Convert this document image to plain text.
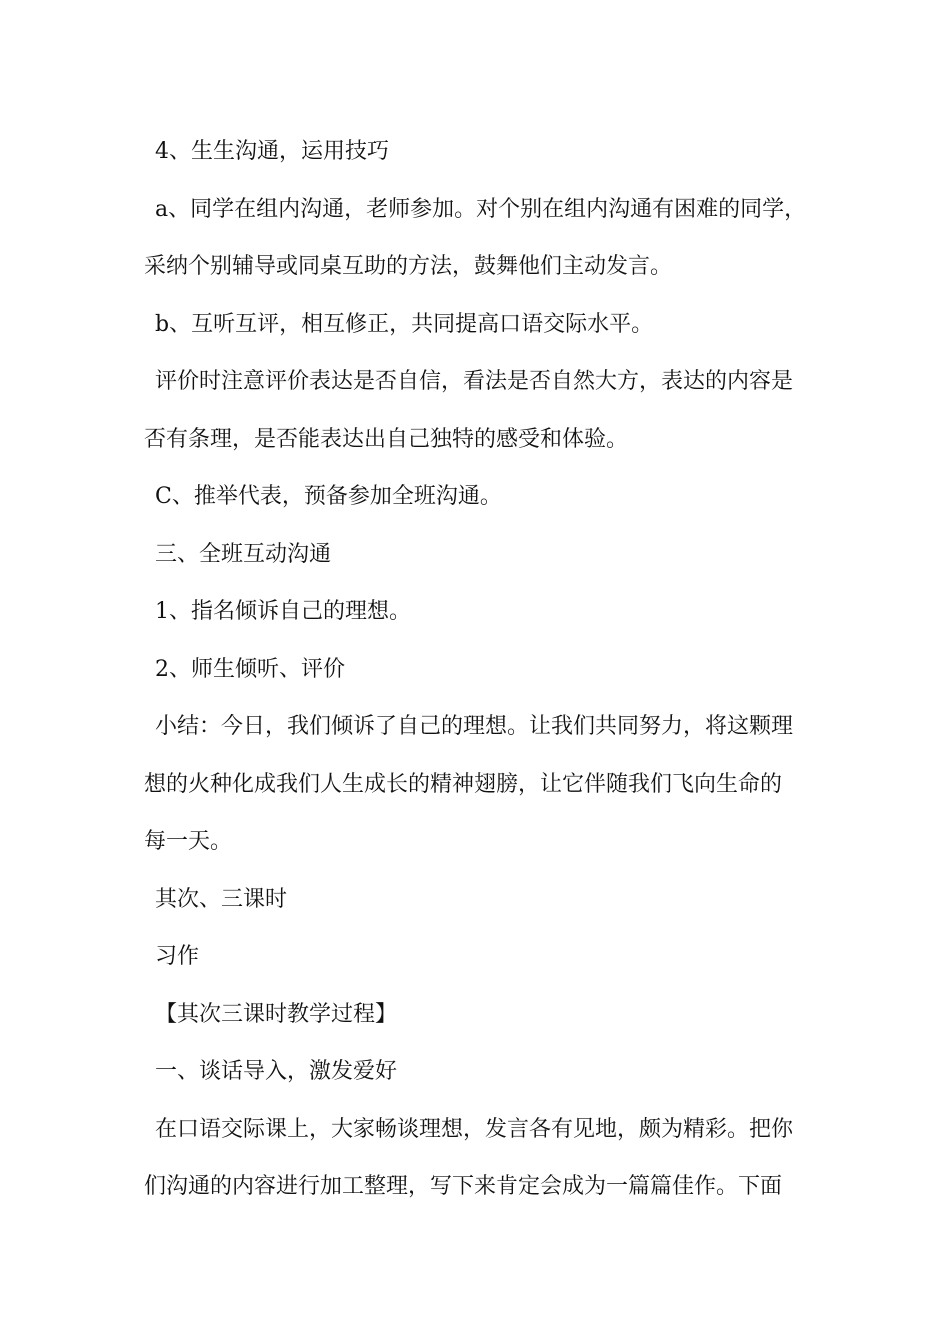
4、生生沟通，运用技巧
a、同学在组内沟通，老师参加。对个别在组内沟通有困难的同学，
采纳个别辅导或同桌互助的方法，鼓舞他们主动发言。
b、互听互评，相互修正，共同提高口语交际水平。
评价时注意评价表达是否自信，看法是否自然大方，表达的内容是
否有条理，是否能表达出自己独特的感受和体验。
C、推举代表，预备参加全班沟通。
三、全班互动沟通
1、指名倾诉自己的理想。
2、师生倾听、评价
小结：今日，我们倾诉了自己的理想。让我们共同努力，将这颗理
想的火种化成我们人生成长的精神翅膀，让它伴随我们飞向生命的
每一天。
其次、三课时
习作
【其次三课时教学过程】
一、谈话导入，激发爱好
在口语交际课上，大家畅谈理想，发言各有见地，颇为精彩。把你
们沟通的内容进行加工整理，写下来肯定会成为一篇篇佳作。下面
